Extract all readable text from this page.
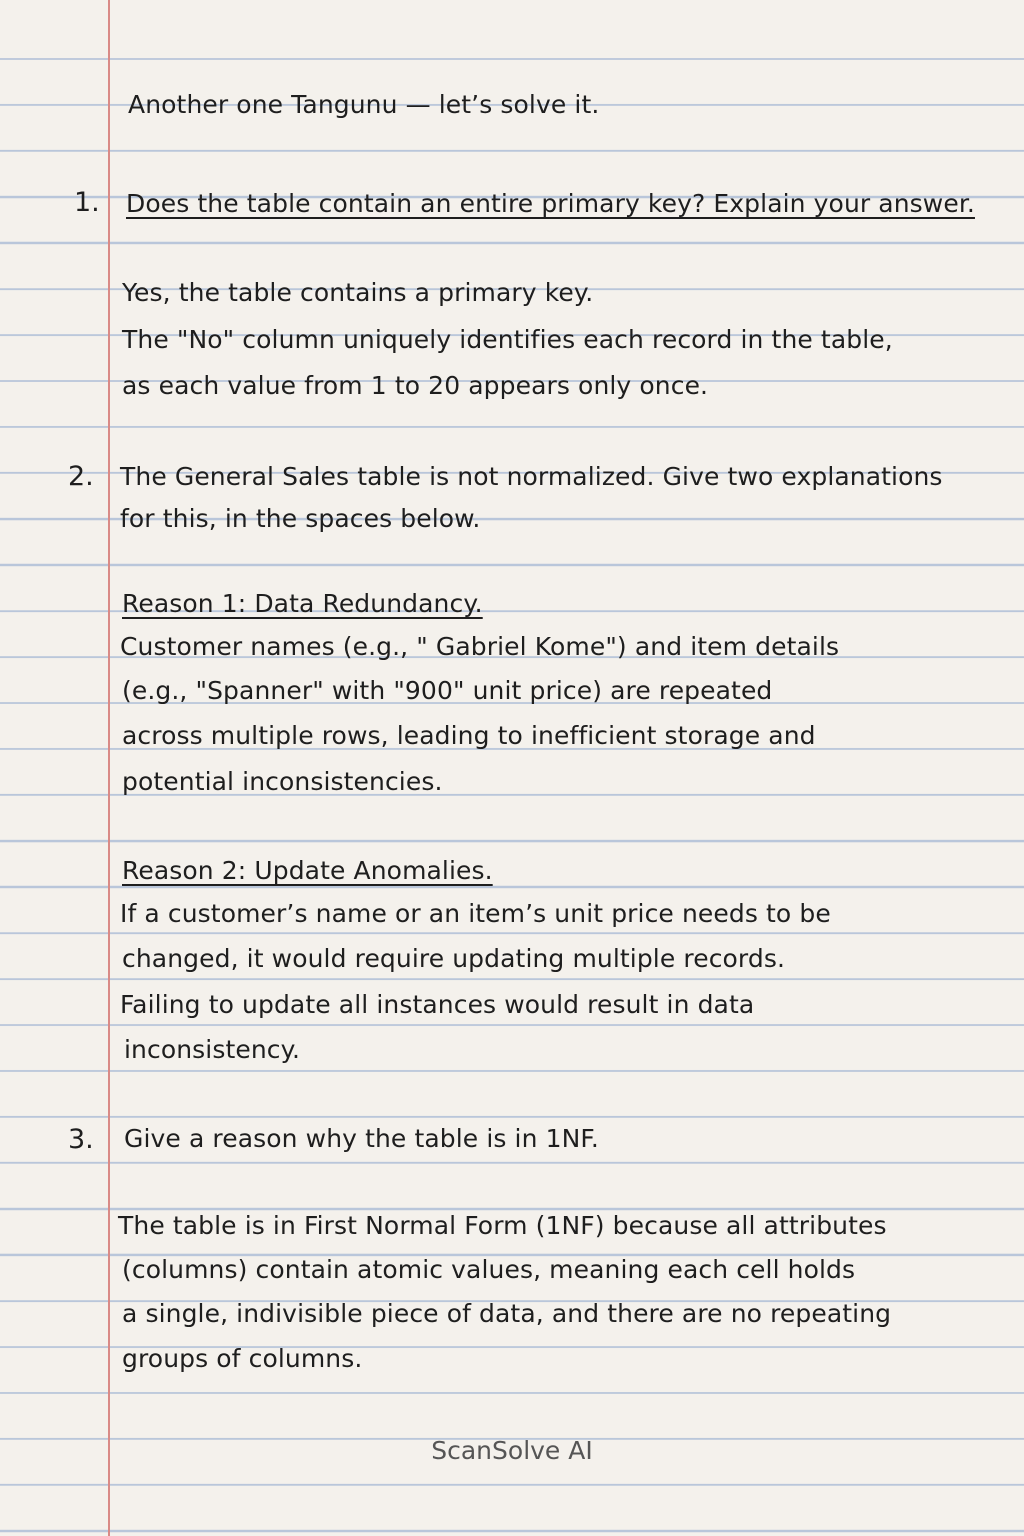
Another one Tangunu — let’s solve it.
1. Does the table contain an entire primary key? Explain your answer.
Yes, the table contains a primary key.
The "No" column uniquely identifies each record in the table,
as each value from 1 to 20 appears only once.
2. The General Sales table is not normalized. Give two explanations
for this, in the spaces below.
Reason 1: Data Redundancy.
Customer names (e.g., " Gabriel Kome") and item details
(e.g., "Spanner" with "900" unit price) are repeated
across multiple rows, leading to inefficient storage and
potential inconsistencies.
Reason 2: Update Anomalies.
If a customer’s name or an item’s unit price needs to be
changed, it would require updating multiple records.
Failing to update all instances would result in data
inconsistency.
3. Give a reason why the table is in 1NF.
The table is in First Normal Form (1NF) because all attributes
(columns) contain atomic values, meaning each cell holds
a single, indivisible piece of data, and there are no repeating
groups of columns.
ScanSolve AI
